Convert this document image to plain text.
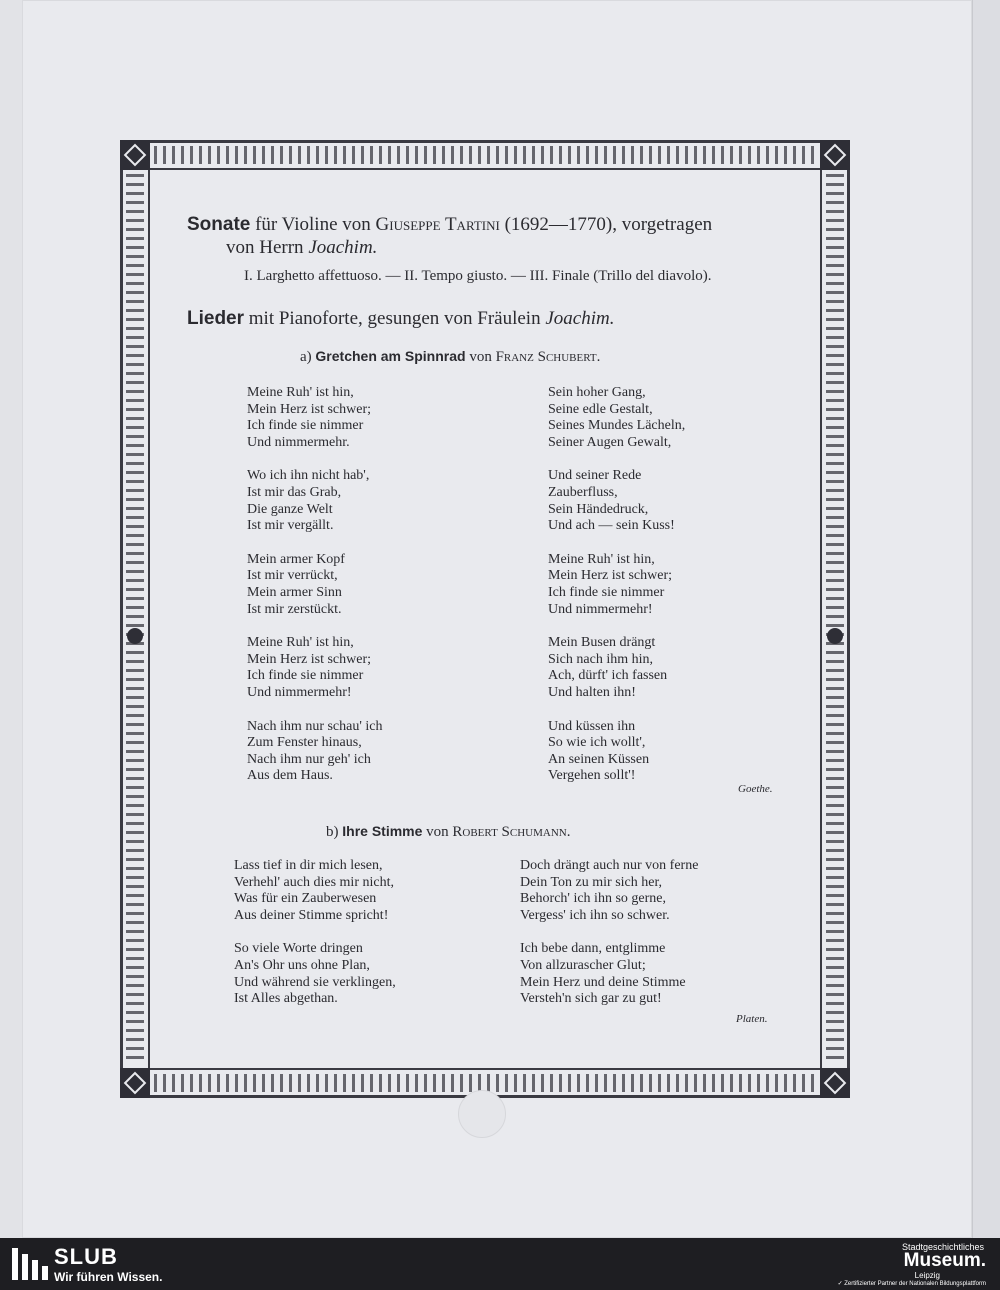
Sonate für Violine von Giuseppe Tartini (1692—1770), vorgetragen
von Herrn Joachim.
I. Larghetto affettuoso. — II. Tempo giusto. — III. Finale (Trillo del diavolo).
Lieder mit Pianoforte, gesungen von Fräulein Joachim.
a) Gretchen am Spinnrad von Franz Schubert.
Meine Ruh' ist hin,
Mein Herz ist schwer;
Ich finde sie nimmer
Und nimmermehr.
Wo ich ihn nicht hab',
Ist mir das Grab,
Die ganze Welt
Ist mir vergällt.
Mein armer Kopf
Ist mir verrückt,
Mein armer Sinn
Ist mir zerstückt.
Meine Ruh' ist hin,
Mein Herz ist schwer;
Ich finde sie nimmer
Und nimmermehr!
Nach ihm nur schau' ich
Zum Fenster hinaus,
Nach ihm nur geh' ich
Aus dem Haus.
Sein hoher Gang,
Seine edle Gestalt,
Seines Mundes Lächeln,
Seiner Augen Gewalt,
Und seiner Rede
Zauberfluss,
Sein Händedruck,
Und ach — sein Kuss!
Meine Ruh' ist hin,
Mein Herz ist schwer;
Ich finde sie nimmer
Und nimmermehr!
Mein Busen drängt
Sich nach ihm hin,
Ach, dürft' ich fassen
Und halten ihn!
Und küssen ihn
So wie ich wollt',
An seinen Küssen
Vergehen sollt'!
Goethe.
b) Ihre Stimme von Robert Schumann.
Lass tief in dir mich lesen,
Verhehl' auch dies mir nicht,
Was für ein Zauberwesen
Aus deiner Stimme spricht!
So viele Worte dringen
An's Ohr uns ohne Plan,
Und während sie verklingen,
Ist Alles abgethan.
Doch drängt auch nur von ferne
Dein Ton zu mir sich her,
Behorch' ich ihn so gerne,
Vergess' ich ihn so schwer.
Ich bebe dann, entglimme
Von allzurascher Glut;
Mein Herz und deine Stimme
Versteh'n sich gar zu gut!
Platen.
SLUB
Wir führen Wissen.
Stadtgeschichtliches
Museum.
Leipzig
✓ Zertifizierter Partner der Nationalen Bildungsplattform
